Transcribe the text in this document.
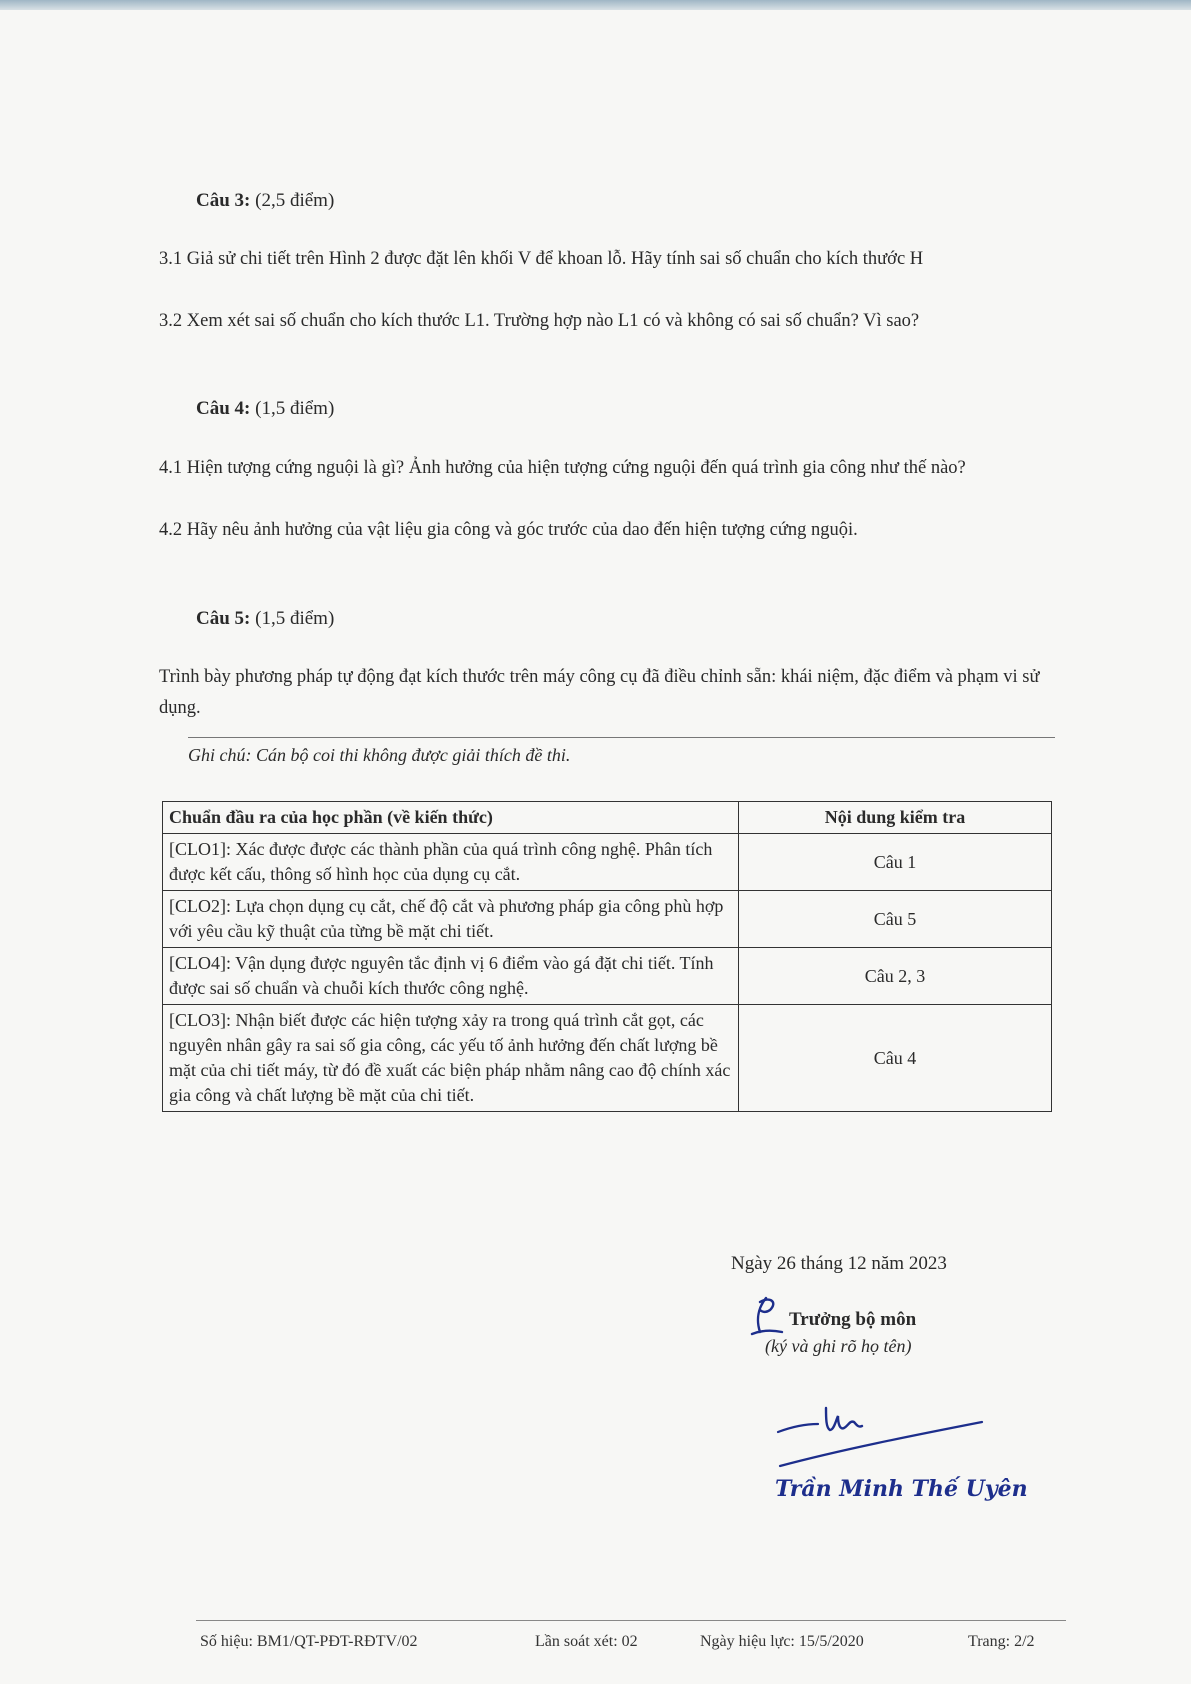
Câu 3: (2,5 điểm)
3.1 Giả sử chi tiết trên Hình 2 được đặt lên khối V để khoan lỗ. Hãy tính sai số chuẩn cho kích thước H
3.2 Xem xét sai số chuẩn cho kích thước L1. Trường hợp nào L1 có và không có sai số chuẩn? Vì sao?
Câu 4: (1,5 điểm)
4.1 Hiện tượng cứng nguội là gì? Ảnh hưởng của hiện tượng cứng nguội đến quá trình gia công như thế nào?
4.2 Hãy nêu ảnh hưởng của vật liệu gia công và góc trước của dao đến hiện tượng cứng nguội.
Câu 5: (1,5 điểm)
Trình bày phương pháp tự động đạt kích thước trên máy công cụ đã điều chỉnh sẵn: khái niệm, đặc điểm và phạm vi sử dụng.
Ghi chú: Cán bộ coi thi không được giải thích đề thi.
Chuẩn đầu ra của học phần (về kiến thức)	Nội dung kiểm tra
[CLO1]: Xác được được các thành phần của quá trình công nghệ. Phân tích được kết cấu, thông số hình học của dụng cụ cắt.	Câu 1
[CLO2]: Lựa chọn dụng cụ cắt, chế độ cắt và phương pháp gia công phù hợp với yêu cầu kỹ thuật của từng bề mặt chi tiết.	Câu 5
[CLO4]: Vận dụng được nguyên tắc định vị 6 điểm vào gá đặt chi tiết. Tính được sai số chuẩn và chuỗi kích thước công nghệ.	Câu 2, 3
[CLO3]: Nhận biết được các hiện tượng xảy ra trong quá trình cắt gọt, các nguyên nhân gây ra sai số gia công, các yếu tố ảnh hưởng đến chất lượng bề mặt của chi tiết máy, từ đó đề xuất các biện pháp nhằm nâng cao độ chính xác gia công và chất lượng bề mặt của chi tiết.	Câu 4
Ngày 26 tháng 12 năm 2023
Trưởng bộ môn
(ký và ghi rõ họ tên)
Trần Minh Thế Uyên
Số hiệu: BM1/QT-PĐT-RĐTV/02	Lần soát xét: 02	Ngày hiệu lực: 15/5/2020	Trang: 2/2
